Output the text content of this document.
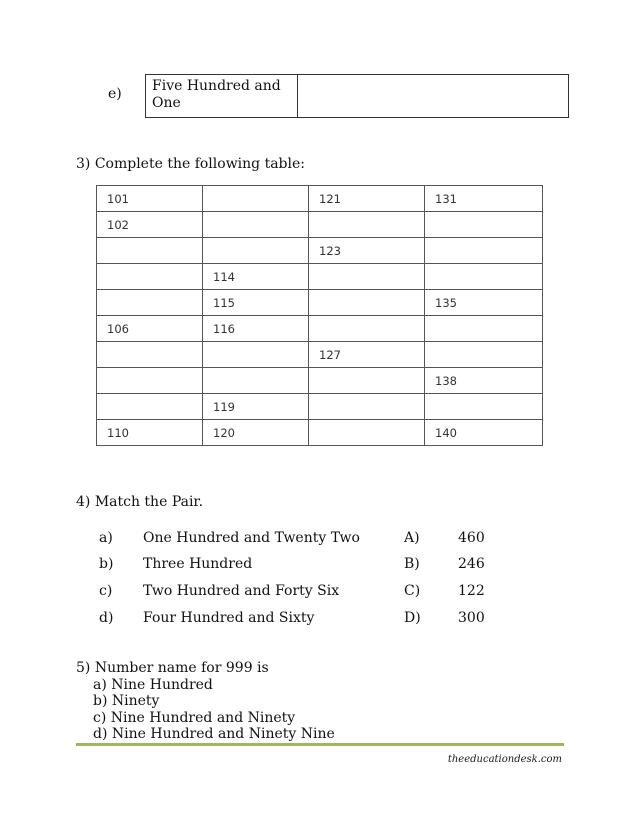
e) Five Hundred and
One
3) Complete the following table:
101		121	131
102			
		123	
	114		
	115		135
106	116		
		127	
			138
	119		
110	120		140
4) Match the Pair.
a) One Hundred and Twenty Two	A)	460
b) Three Hundred	B)	246
c) Two Hundred and Forty Six	C)	122
d) Four Hundred and Sixty	D)	300
5) Number name for 999 is
a) Nine Hundred
b) Ninety
c) Nine Hundred and Ninety
d) Nine Hundred and Ninety Nine
theeducationdesk.com
